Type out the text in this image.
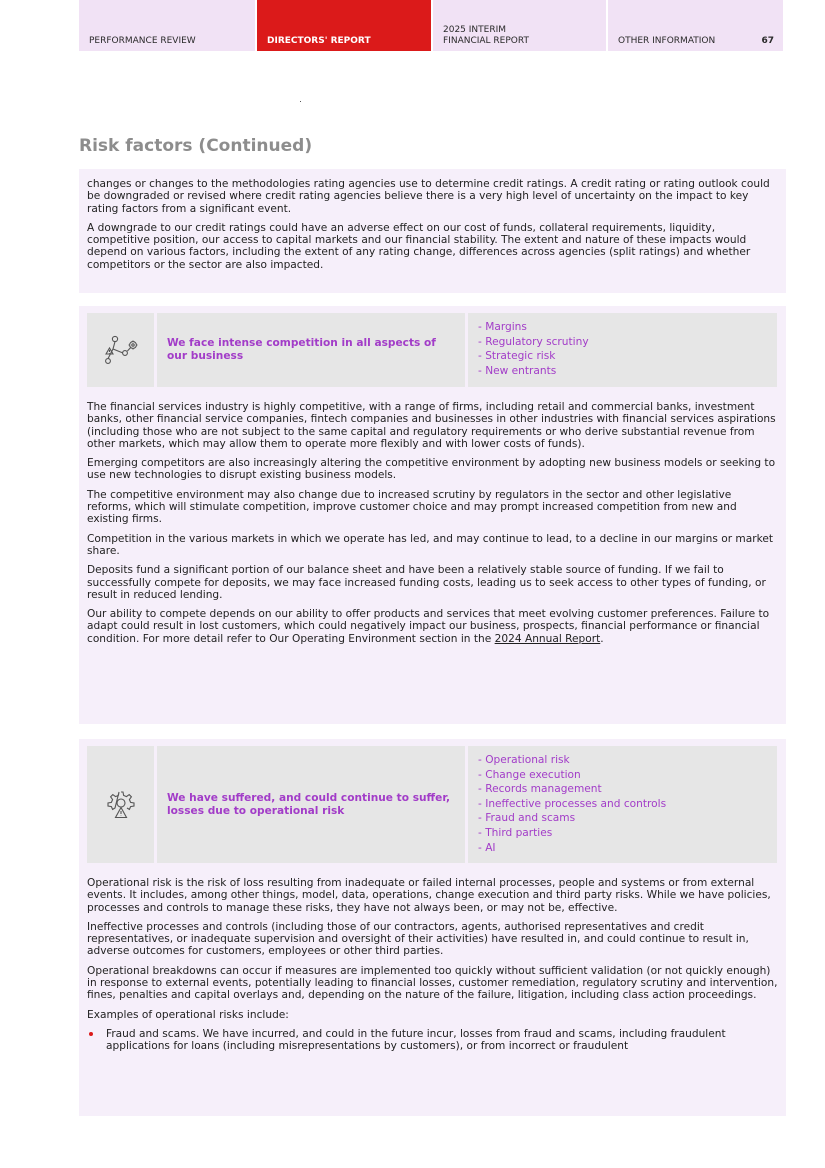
PERFORMANCE REVIEW	DIRECTORS' REPORT
2025 INTERIM
FINANCIAL REPORT	OTHER INFORMATION	67
Risk factors (Continued)

changes or changes to the methodologies rating agencies use to determine credit ratings. A credit rating or rating outlook could be downgraded or revised where credit rating agencies believe there is a very high level of uncertainty on the impact to key rating factors from a significant event.

A downgrade to our credit ratings could have an adverse effect on our cost of funds, collateral requirements, liquidity, competitive position, our access to capital markets and our financial stability. The extent and nature of these impacts would depend on various factors, including the extent of any rating change, differences across agencies (split ratings) and whether competitors or the sector are also impacted.

We face intense competition in all aspects of our business
- Margins
- Regulatory scrutiny
- Strategic risk
- New entrants

The financial services industry is highly competitive, with a range of firms, including retail and commercial banks, investment banks, other financial service companies, fintech companies and businesses in other industries with financial services aspirations (including those who are not subject to the same capital and regulatory requirements or who derive substantial revenue from other markets, which may allow them to operate more flexibly and with lower costs of funds).

Emerging competitors are also increasingly altering the competitive environment by adopting new business models or seeking to use new technologies to disrupt existing business models.

The competitive environment may also change due to increased scrutiny by regulators in the sector and other legislative reforms, which will stimulate competition, improve customer choice and may prompt increased competition from new and existing firms.

Competition in the various markets in which we operate has led, and may continue to lead, to a decline in our margins or market share.

Deposits fund a significant portion of our balance sheet and have been a relatively stable source of funding. If we fail to successfully compete for deposits, we may face increased funding costs, leading us to seek access to other types of funding, or result in reduced lending.

Our ability to compete depends on our ability to offer products and services that meet evolving customer preferences. Failure to adapt could result in lost customers, which could negatively impact our business, prospects, financial performance or financial condition. For more detail refer to Our Operating Environment section in the 2024 Annual Report.

We have suffered, and could continue to suffer, losses due to operational risk
- Operational risk
- Change execution
- Records management
- Ineffective processes and controls
- Fraud and scams
- Third parties
- AI

Operational risk is the risk of loss resulting from inadequate or failed internal processes, people and systems or from external events. It includes, among other things, model, data, operations, change execution and third party risks. While we have policies, processes and controls to manage these risks, they have not always been, or may not be, effective.

Ineffective processes and controls (including those of our contractors, agents, authorised representatives and credit representatives, or inadequate supervision and oversight of their activities) have resulted in, and could continue to result in, adverse outcomes for customers, employees or other third parties.

Operational breakdowns can occur if measures are implemented too quickly without sufficient validation (or not quickly enough) in response to external events, potentially leading to financial losses, customer remediation, regulatory scrutiny and intervention, fines, penalties and capital overlays and, depending on the nature of the failure, litigation, including class action proceedings.

Examples of operational risks include:

Fraud and scams. We have incurred, and could in the future incur, losses from fraud and scams, including fraudulent applications for loans (including misrepresentations by customers), or from incorrect or fraudulent
